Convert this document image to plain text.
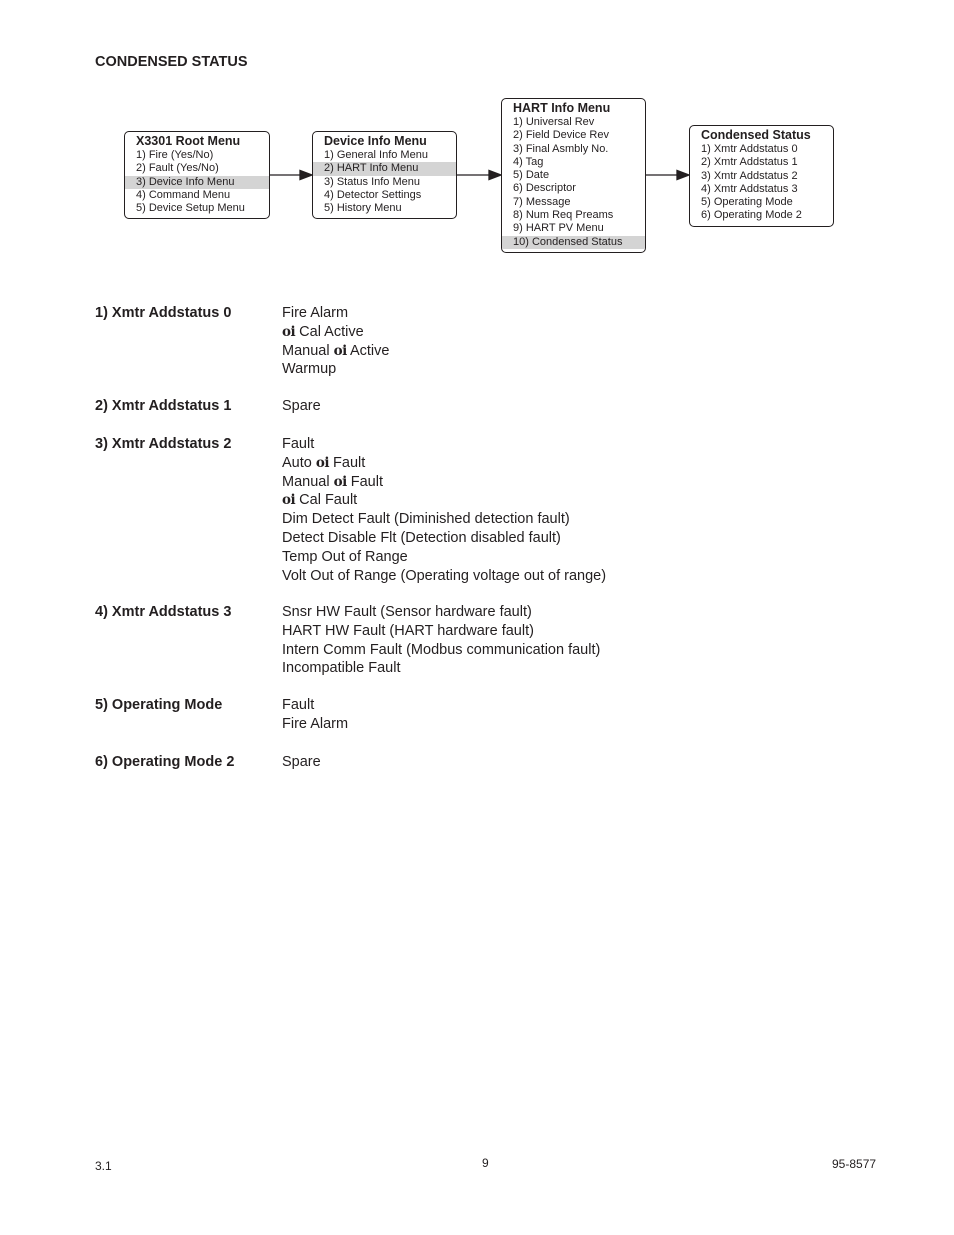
CONDENSED STATUS
X3301 Root Menu
1) Fire (Yes/No)
2) Fault (Yes/No)
3) Device Info Menu
4) Command Menu
5) Device Setup Menu
Device Info Menu
1) General Info Menu
2) HART Info Menu
3) Status Info Menu
4) Detector Settings
5) History Menu
HART Info Menu
1) Universal Rev
2) Field Device Rev
3) Final Asmbly No.
4) Tag
5) Date
6) Descriptor
7) Message
8) Num Req Preams
9) HART PV Menu
10) Condensed Status
Condensed Status
1) Xmtr Addstatus 0
2) Xmtr Addstatus 1
3) Xmtr Addstatus 2
4) Xmtr Addstatus 3
5) Operating Mode
6) Operating Mode 2
1) Xmtr Addstatus 0	Fire Alarm
oi Cal Active
Manual oi Active
Warmup
2) Xmtr Addstatus 1	Spare
3) Xmtr Addstatus 2	Fault
Auto oi Fault
Manual oi Fault
oi Cal Fault
Dim Detect Fault (Diminished detection fault)
Detect Disable Flt (Detection disabled fault)
Temp Out of Range
Volt Out of Range (Operating voltage out of range)
4) Xmtr Addstatus 3	Snsr HW Fault (Sensor hardware fault)
HART HW Fault (HART hardware fault)
Intern Comm Fault (Modbus communication fault)
Incompatible Fault
5) Operating Mode	Fault
Fire Alarm
6) Operating Mode 2	Spare
3.1	9	95-8577
